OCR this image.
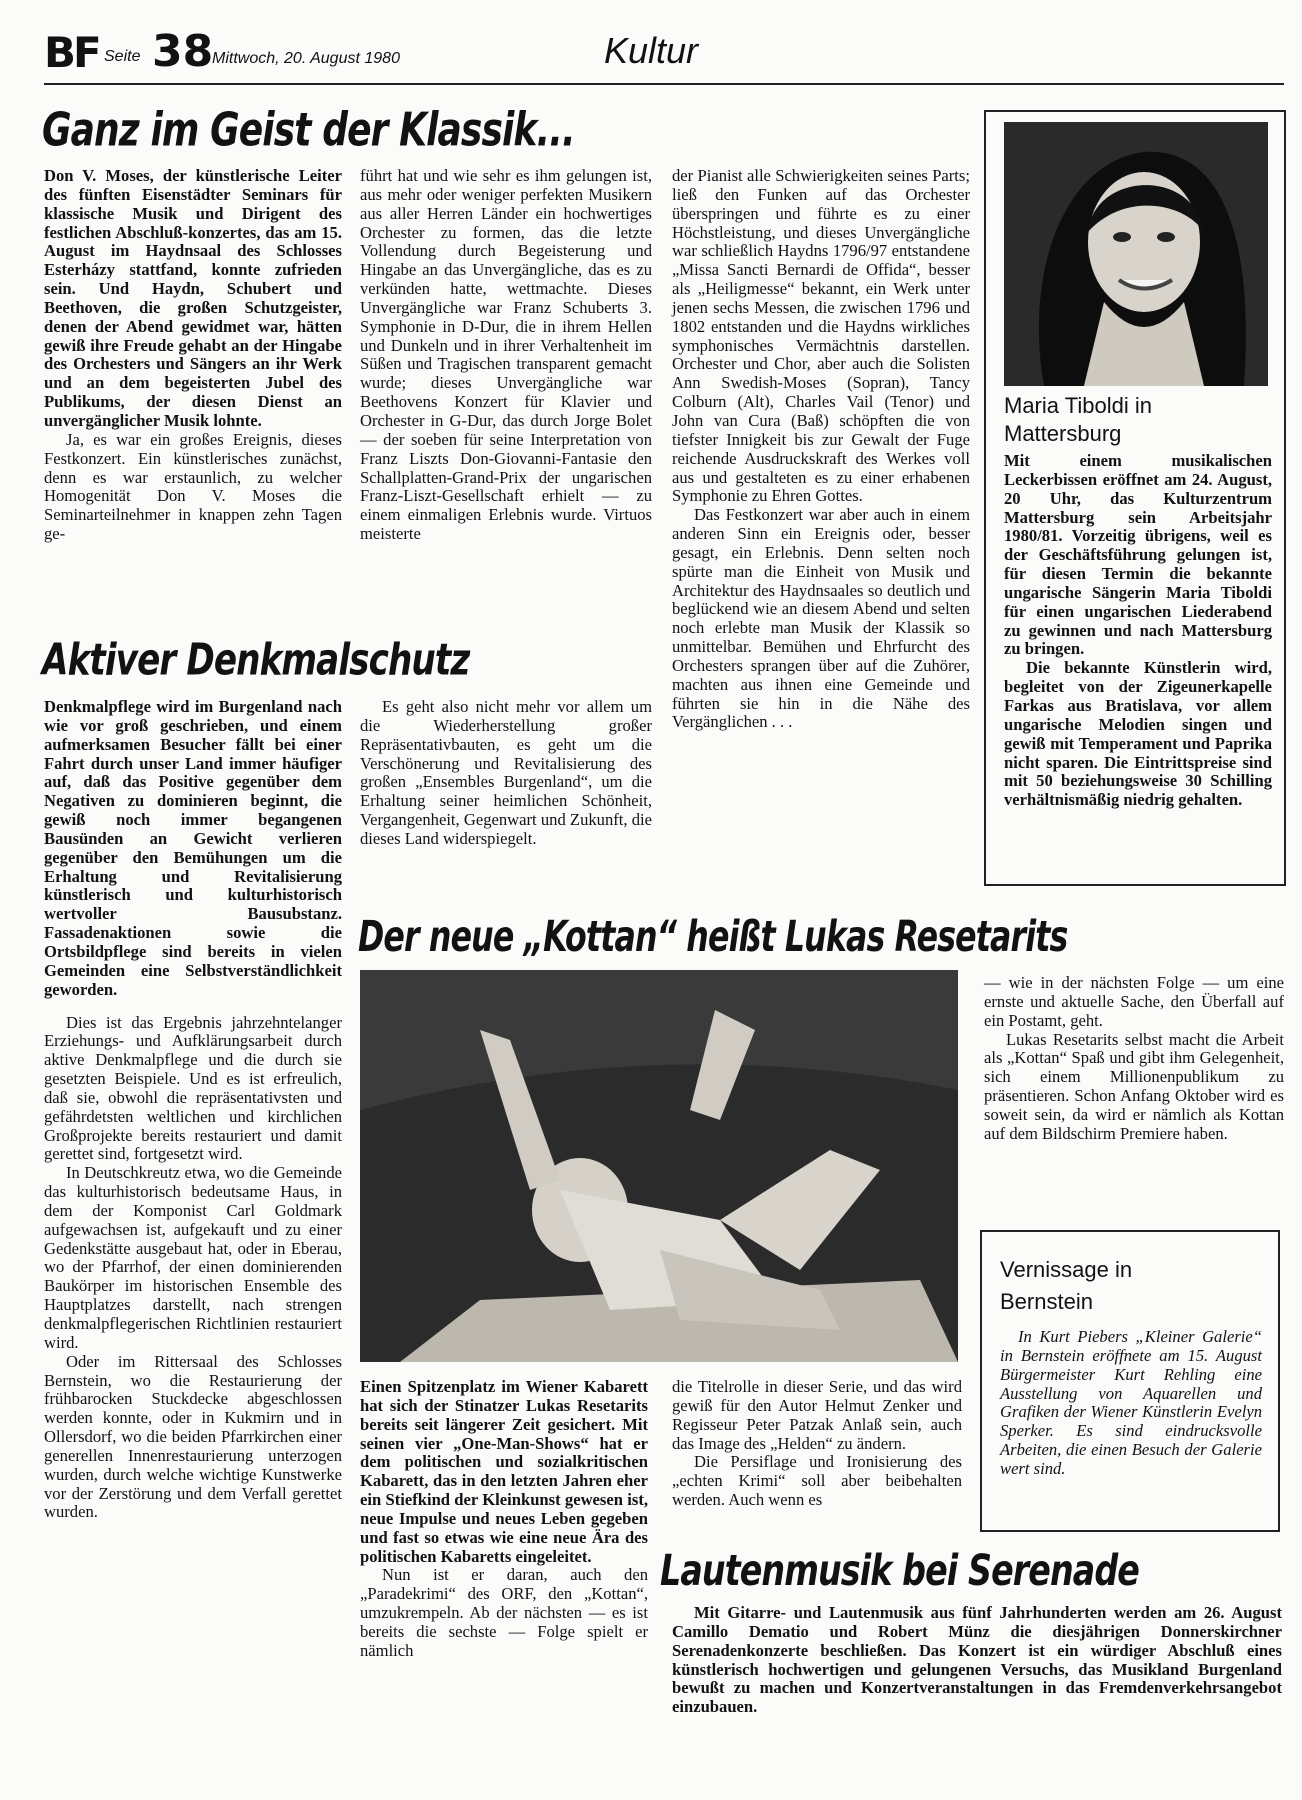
BF Seite 38
Mittwoch, 20. August 1980	Kultur
Ganz im Geist der Klassik...

Don V. Moses, der künstlerische Leiter des fünften Eisenstädter Seminars für klassische Musik und Dirigent des festlichen Abschluß-konzertes, das am 15. August im Haydnsaal des Schlosses Esterházy stattfand, konnte zufrieden sein. Und Haydn, Schubert und Beethoven, die großen Schutzgeister, denen der Abend gewidmet war, hätten gewiß ihre Freude gehabt an der Hingabe des Orchesters und Sängers an ihr Werk und an dem begeisterten Jubel des Publikums, der diesen Dienst an unvergänglicher Musik lohnte.

Ja, es war ein großes Ereignis, dieses Festkonzert. Ein künstlerisches zunächst, denn es war erstaunlich, zu welcher Homogenität Don V. Moses die Seminarteilnehmer in knappen zehn Tagen ge-

führt hat und wie sehr es ihm gelungen ist, aus mehr oder weniger perfekten Musikern aus aller Herren Länder ein hochwertiges Orchester zu formen, das die letzte Vollendung durch Begeisterung und Hingabe an das Unvergängliche, das es zu verkünden hatte, wettmachte. Dieses Unvergängliche war Franz Schuberts 3. Symphonie in D-Dur, die in ihrem Hellen und Dunkeln und in ihrer Verhaltenheit im Süßen und Tragischen transparent gemacht wurde; dieses Unvergängliche war Beethovens Konzert für Klavier und Orchester in G-Dur, das durch Jorge Bolet — der soeben für seine Interpretation von Franz Liszts Don-Giovanni-Fantasie den Schallplatten-Grand-Prix der ungarischen Franz-Liszt-Gesellschaft erhielt — zu einem einmaligen Erlebnis wurde. Virtuos meisterte

der Pianist alle Schwierigkeiten seines Parts; ließ den Funken auf das Orchester überspringen und führte es zu einer Höchstleistung, und dieses Unvergängliche war schließlich Haydns 1796/97 entstandene „Missa Sancti Bernardi de Offida“, besser als „Heiligmesse“ bekannt, ein Werk unter jenen sechs Messen, die zwischen 1796 und 1802 entstanden und die Haydns wirkliches symphonisches Vermächtnis darstellen. Orchester und Chor, aber auch die Solisten Ann Swedish-Moses (Sopran), Tancy Colburn (Alt), Charles Vail (Tenor) und John van Cura (Baß) schöpften die von tiefster Innigkeit bis zur Gewalt der Fuge reichende Ausdruckskraft des Werkes voll aus und gestalteten es zu einer erhabenen Symphonie zu Ehren Gottes.

Das Festkonzert war aber auch in einem anderen Sinn ein Ereignis oder, besser gesagt, ein Erlebnis. Denn selten noch spürte man die Einheit von Musik und Architektur des Haydnsaales so deutlich und beglückend wie an diesem Abend und selten noch erlebte man Musik der Klassik so unmittelbar. Bemühen und Ehrfurcht des Orchesters sprangen über auf die Zuhörer, machten aus ihnen eine Gemeinde und führten sie hin in die Nähe des Vergänglichen . . .

Maria Tiboldi in Mattersburg

Mit einem musikalischen Leckerbissen eröffnet am 24. August, 20 Uhr, das Kulturzentrum Mattersburg sein Arbeitsjahr 1980/81. Vorzeitig übrigens, weil es der Geschäftsführung gelungen ist, für diesen Termin die bekannte ungarische Sängerin Maria Tiboldi für einen ungarischen Liederabend zu gewinnen und nach Mattersburg zu bringen.

Die bekannte Künstlerin wird, begleitet von der Zigeunerkapelle Farkas aus Bratislava, vor allem ungarische Melodien singen und gewiß mit Temperament und Paprika nicht sparen. Die Eintrittspreise sind mit 50 beziehungsweise 30 Schilling verhältnismäßig niedrig gehalten.

Aktiver Denkmalschutz

Denkmalpflege wird im Burgenland nach wie vor groß geschrieben, und einem aufmerksamen Besucher fällt bei einer Fahrt durch unser Land immer häufiger auf, daß das Positive gegenüber dem Negativen zu dominieren beginnt, die gewiß noch immer begangenen Bausünden an Gewicht verlieren gegenüber den Bemühungen um die Erhaltung und Revitalisierung künstlerisch und kulturhistorisch wertvoller Bausubstanz. Fassadenaktionen sowie die Ortsbildpflege sind bereits in vielen Gemeinden eine Selbstverständlichkeit geworden.

Dies ist das Ergebnis jahrzehntelanger Erziehungs- und Aufklärungsarbeit durch aktive Denkmalpflege und die durch sie gesetzten Beispiele. Und es ist erfreulich, daß sie, obwohl die repräsentativsten und gefährdetsten weltlichen und kirchlichen Großprojekte bereits restauriert und damit gerettet sind, fortgesetzt wird.

In Deutschkreutz etwa, wo die Gemeinde das kulturhistorisch bedeutsame Haus, in dem der Komponist Carl Goldmark aufgewachsen ist, aufgekauft und zu einer Gedenkstätte ausgebaut hat, oder in Eberau, wo der Pfarrhof, der einen dominierenden Baukörper im historischen Ensemble des Hauptplatzes darstellt, nach strengen denkmalpflegerischen Richtlinien restauriert wird.

Oder im Rittersaal des Schlosses Bernstein, wo die Restaurierung der frühbarocken Stuckdecke abgeschlossen werden konnte, oder in Kukmirn und in Ollersdorf, wo die beiden Pfarrkirchen einer generellen Innenrestaurierung unterzogen wurden, durch welche wichtige Kunstwerke vor der Zerstörung und dem Verfall gerettet wurden.

Es geht also nicht mehr vor allem um die Wiederherstellung großer Repräsentativbauten, es geht um die Verschönerung und Revitalisierung des großen „Ensembles Burgenland“, um die Erhaltung seiner heimlichen Schönheit, Vergangenheit, Gegenwart und Zukunft, die dieses Land widerspiegelt.

Der neue „Kottan“ heißt Lukas Resetarits

Einen Spitzenplatz im Wiener Kabarett hat sich der Stinatzer Lukas Resetarits bereits seit längerer Zeit gesichert. Mit seinen vier „One-Man-Shows“ hat er dem politischen und sozialkritischen Kabarett, das in den letzten Jahren eher ein Stiefkind der Kleinkunst gewesen ist, neue Impulse und neues Leben gegeben und fast so etwas wie eine neue Ära des politischen Kabaretts eingeleitet.

Nun ist er daran, auch den „Paradekrimi“ des ORF, den „Kottan“, umzukrempeln. Ab der nächsten — es ist bereits die sechste — Folge spielt er nämlich

die Titelrolle in dieser Serie, und das wird gewiß für den Autor Helmut Zenker und Regisseur Peter Patzak Anlaß sein, auch das Image des „Helden“ zu ändern.

Die Persiflage und Ironisierung des „echten Krimi“ soll aber beibehalten werden. Auch wenn es

— wie in der nächsten Folge — um eine ernste und aktuelle Sache, den Überfall auf ein Postamt, geht.

Lukas Resetarits selbst macht die Arbeit als „Kottan“ Spaß und gibt ihm Gelegenheit, sich einem Millionenpublikum zu präsentieren. Schon Anfang Oktober wird es soweit sein, da wird er nämlich als Kottan auf dem Bildschirm Premiere haben.

Vernissage in Bernstein
In Kurt Piebers „Kleiner Galerie“ in Bernstein eröffnete am 15. August Bürgermeister Kurt Rehling eine Ausstellung von Aquarellen und Grafiken der Wiener Künstlerin Evelyn Sperker. Es sind eindrucksvolle Arbeiten, die einen Besuch der Galerie wert sind.
Lautenmusik bei Serenade
Mit Gitarre- und Lautenmusik aus fünf Jahrhunderten werden am 26. August Camillo Dematio und Robert Münz die diesjährigen Donnerskirchner Serenadenkonzerte beschließen. Das Konzert ist ein würdiger Abschluß eines künstlerisch hochwertigen und gelungenen Versuchs, das Musikland Burgenland bewußt zu machen und Konzertveranstaltungen in das Fremdenverkehrsangebot einzubauen.
